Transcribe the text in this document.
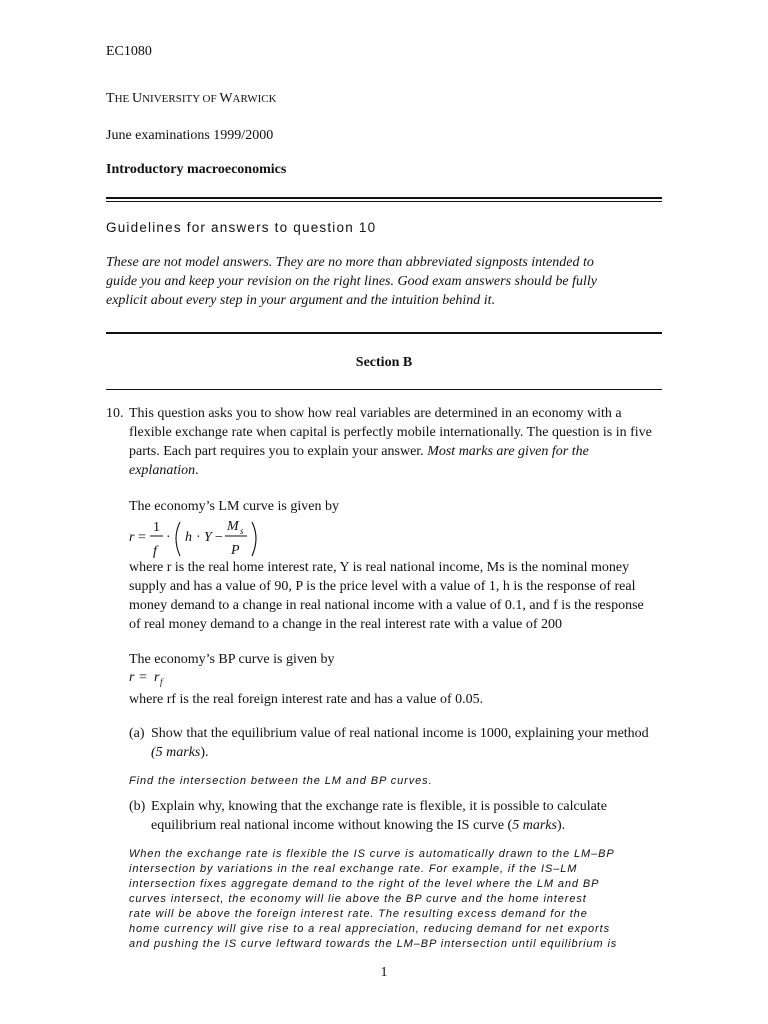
EC1080
THE UNIVERSITY OF WARWICK
June examinations 1999/2000
Introductory macroeconomics
Guidelines for answers to question 10
These are not model answers. They are no more than abbreviated signposts intended to
guide you and keep your revision on the right lines. Good exam answers should be fully
explicit about every step in your argument and the intuition behind it.
Section B
10. This question asks you to show how real variables are determined in an economy with a
flexible exchange rate when capital is perfectly mobile internationally. The question is in five
parts. Each part requires you to explain your answer. Most marks are given for the
explanation.
The economy’s LM curve is given by
r =
1
f
· h · Y −
M s
P
where r is the real home interest rate, Y is real national income, Ms is the nominal money
supply and has a value of 90, P is the price level with a value of 1, h is the response of real
money demand to a change in real national income with a value of 0.1, and f is the response
of real money demand to a change in the real interest rate with a value of 200
The economy’s BP curve is given by
r = r f
where rf is the real foreign interest rate and has a value of 0.05.
(a) Show that the equilibrium value of real national income is 1000, explaining your method
(5 marks).
Find the intersection between the LM and BP curves.
(b) Explain why, knowing that the exchange rate is flexible, it is possible to calculate
equilibrium real national income without knowing the IS curve (5 marks).
When the exchange rate is flexible the IS curve is automatically drawn to the LM–BP
intersection by variations in the real exchange rate. For example, if the IS–LM
intersection fixes aggregate demand to the right of the level where the LM and BP
curves intersect, the economy will lie above the BP curve and the home interest
rate will be above the foreign interest rate. The resulting excess demand for the
home currency will give rise to a real appreciation, reducing demand for net exports
and pushing the IS curve leftward towards the LM–BP intersection until equilibrium is
1
